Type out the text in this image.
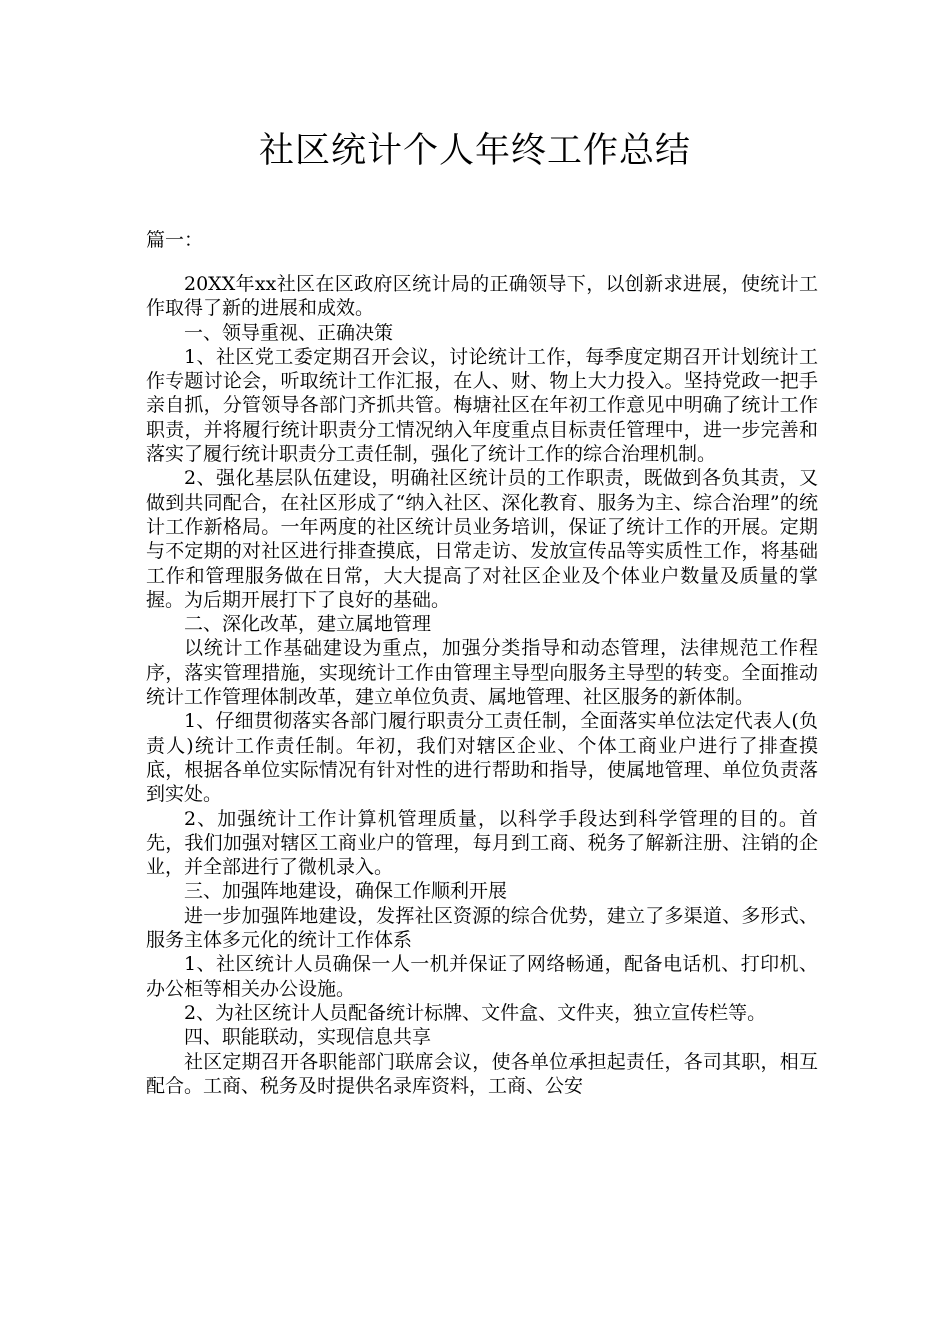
社区统计个人年终工作总结
篇一：

20XX年xx社区在区政府区统计局的正确领导下，以创新求进展，使统计工作取得了新的进展和成效。

一、领导重视、正确决策

1、社区党工委定期召开会议，讨论统计工作，每季度定期召开计划统计工作专题讨论会，听取统计工作汇报，在人、财、物上大力投入。坚持党政一把手亲自抓，分管领导各部门齐抓共管。梅塘社区在年初工作意见中明确了统计工作职责，并将履行统计职责分工情况纳入年度重点目标责任管理中，进一步完善和落实了履行统计职责分工责任制，强化了统计工作的综合治理机制。

2、强化基层队伍建设，明确社区统计员的工作职责，既做到各负其责，又做到共同配合，在社区形成了“纳入社区、深化教育、服务为主、综合治理”的统计工作新格局。一年两度的社区统计员业务培训，保证了统计工作的开展。定期与不定期的对社区进行排查摸底，日常走访、发放宣传品等实质性工作，将基础工作和管理服务做在日常，大大提高了对社区企业及个体业户数量及质量的掌握。为后期开展打下了良好的基础。

二、深化改革，建立属地管理

以统计工作基础建设为重点，加强分类指导和动态管理，法律规范工作程序，落实管理措施，实现统计工作由管理主导型向服务主导型的转变。全面推动统计工作管理体制改革，建立单位负责、属地管理、社区服务的新体制。

1、仔细贯彻落实各部门履行职责分工责任制，全面落实单位法定代表人(负责人)统计工作责任制。年初，我们对辖区企业、个体工商业户进行了排查摸底，根据各单位实际情况有针对性的进行帮助和指导，使属地管理、单位负责落到实处。

2、加强统计工作计算机管理质量，以科学手段达到科学管理的目的。首先，我们加强对辖区工商业户的管理，每月到工商、税务了解新注册、注销的企业，并全部进行了微机录入。

三、加强阵地建设，确保工作顺利开展

进一步加强阵地建设，发挥社区资源的综合优势，建立了多渠道、多形式、服务主体多元化的统计工作体系

1、社区统计人员确保一人一机并保证了网络畅通，配备电话机、打印机、办公柜等相关办公设施。

2、为社区统计人员配备统计标牌、文件盒、文件夹，独立宣传栏等。

四、职能联动，实现信息共享

社区定期召开各职能部门联席会议，使各单位承担起责任，各司其职，相互配合。工商、税务及时提供名录库资料，工商、公安
